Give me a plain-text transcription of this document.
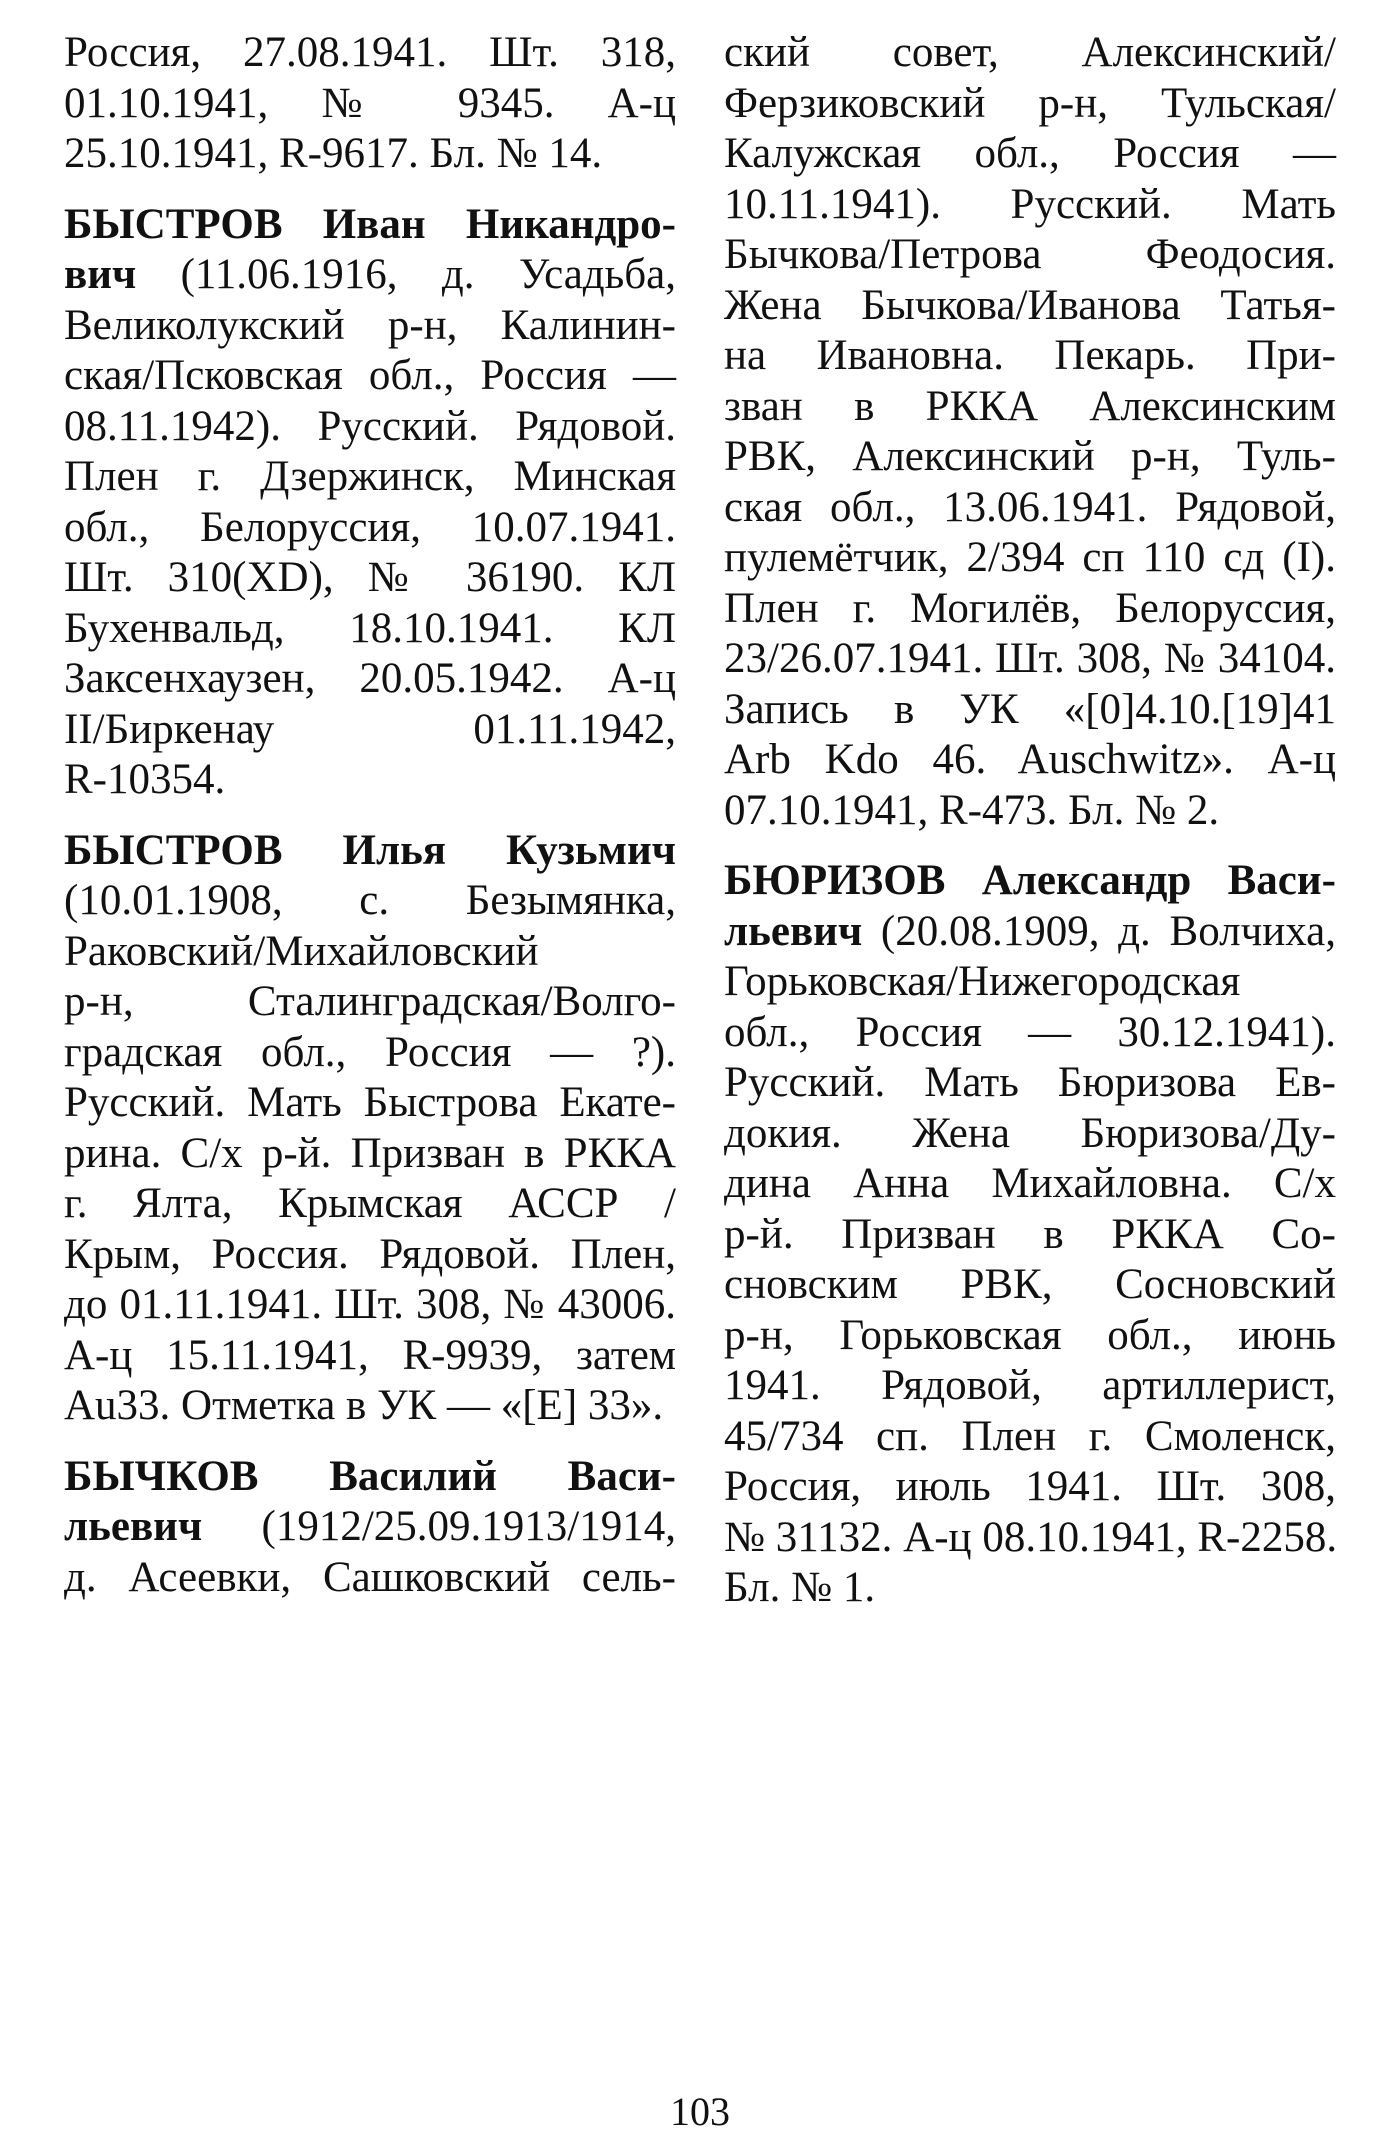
Россия, 27.08.1941. Шт. 318,
01.10.1941, № 9345. А-ц
25.10.1941, R-9617. Бл. № 14.
БЫСТРОВ Иван Никандро-
вич (11.06.1916, д. Усадьба,
Великолукский р-н, Калинин-
ская/Псковская обл., Россия —
08.11.1942). Русский. Рядовой.
Плен г. Дзержинск, Минская
обл., Белоруссия, 10.07.1941.
Шт. 310(XD), № 36190. КЛ
Бухенвальд, 18.10.1941. КЛ
Заксенхаузен, 20.05.1942. А-ц
II/Биркенау 01.11.1942,
R-10354.
БЫСТРОВ Илья Кузьмич
(10.01.1908, с. Безымянка,
Раковский/Михайловский
р-н, Сталинградская/Волго-
градская обл., Россия — ?).
Русский. Мать Быстрова Екате-
рина. С/х р-й. Призван в РККА
г. Ялта, Крымская АССР /
Крым, Россия. Рядовой. Плен,
до 01.11.1941. Шт. 308, № 43006.
А-ц 15.11.1941, R-9939, затем
Au33. Отметка в УК — «[E] 33».
БЫЧКОВ Василий Васи-
льевич (1912/25.09.1913/1914,
д. Асеевки, Сашковский сель-
ский совет, Алексинский/
Ферзиковский р-н, Тульская/
Калужская обл., Россия —
10.11.1941). Русский. Мать
Бычкова/Петрова Феодосия.
Жена Бычкова/Иванова Татья-
на Ивановна. Пекарь. При-
зван в РККА Алексинским
РВК, Алексинский р-н, Туль-
ская обл., 13.06.1941. Рядовой,
пулемётчик, 2/394 сп 110 сд (I).
Плен г. Могилёв, Белоруссия,
23/26.07.1941. Шт. 308, № 34104.
Запись в УК «[0]4.10.[19]41
Arb Kdo 46. Auschwitz». А-ц
07.10.1941, R-473. Бл. № 2.
БЮРИЗОВ Александр Васи-
льевич (20.08.1909, д. Волчиха,
Горьковская/Нижегородская
обл., Россия — 30.12.1941).
Русский. Мать Бюризова Ев-
докия. Жена Бюризова/Ду-
дина Анна Михайловна. С/х
р-й. Призван в РККА Со-
сновским РВК, Сосновский
р-н, Горьковская обл., июнь
1941. Рядовой, артиллерист,
45/734 сп. Плен г. Смоленск,
Россия, июль 1941. Шт. 308,
№ 31132. А-ц 08.10.1941, R-2258.
Бл. № 1.
103
